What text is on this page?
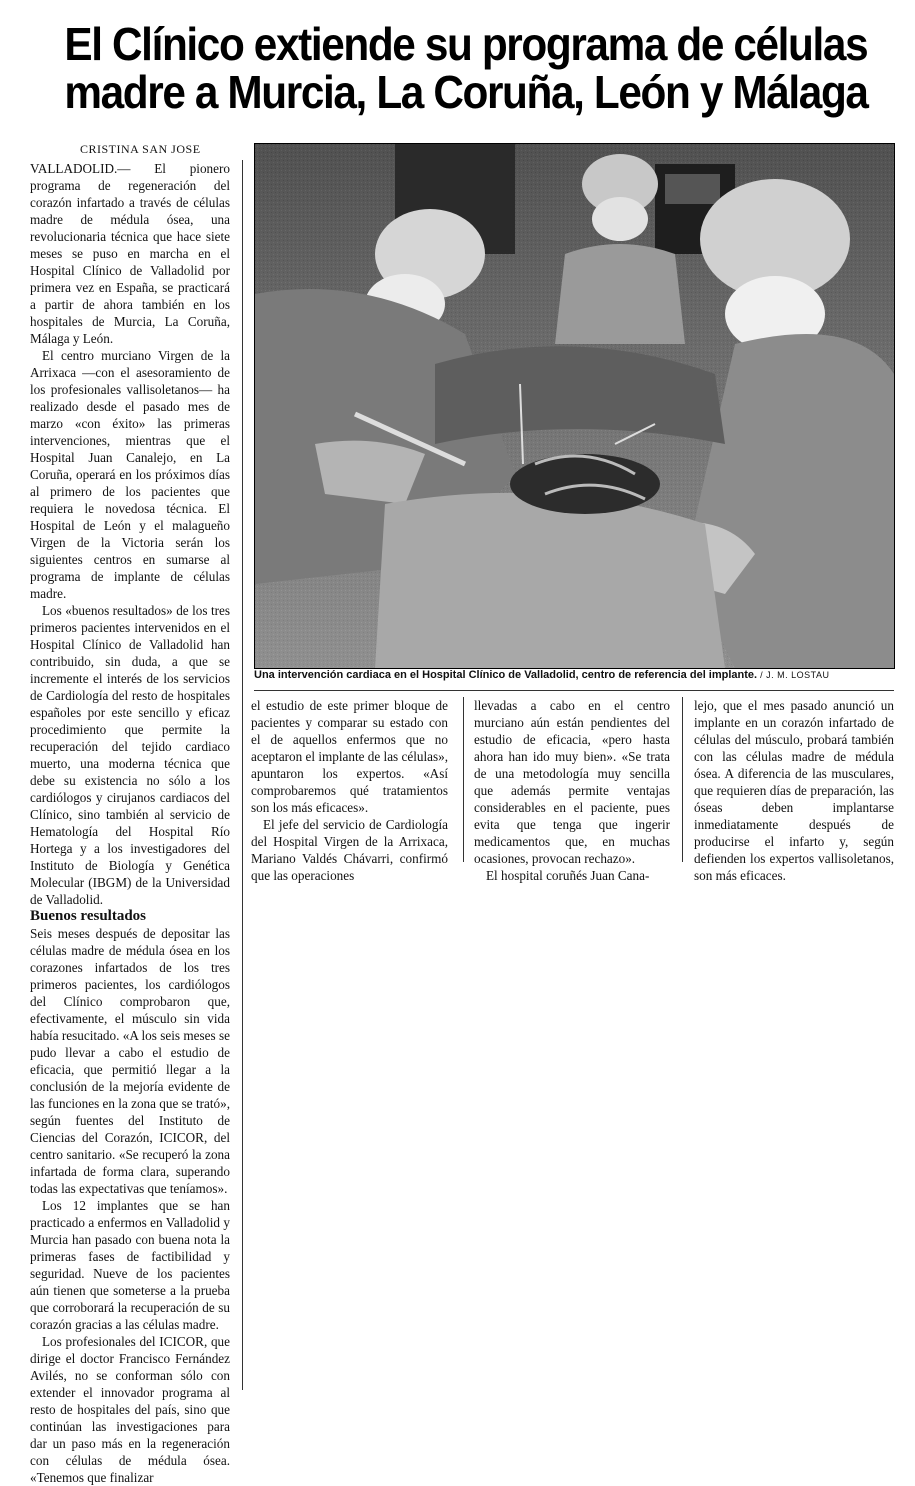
El Clínico extiende su programa de células
madre a Murcia, La Coruña, León y Málaga
CRISTINA SAN JOSE

VALLADOLID.— El pionero programa de regeneración del corazón infartado a través de células madre de médula ósea, una revolucionaria técnica que hace siete meses se puso en marcha en el Hospital Clínico de Valladolid por primera vez en España, se practicará a partir de ahora también en los hospitales de Murcia, La Coruña, Málaga y León.

El centro murciano Virgen de la Arrixaca —con el asesoramiento de los profesionales vallisoletanos— ha realizado desde el pasado mes de marzo «con éxito» las primeras intervenciones, mientras que el Hospital Juan Canalejo, en La Coruña, operará en los próximos días al primero de los pacientes que requiera le novedosa técnica. El Hospital de León y el malagueño Virgen de la Victoria serán los siguientes centros en sumarse al programa de implante de células madre.

Los «buenos resultados» de los tres primeros pacientes intervenidos en el Hospital Clínico de Valladolid han contribuido, sin duda, a que se incremente el interés de los servicios de Cardiología del resto de hospitales españoles por este sencillo y eficaz procedimiento que permite la recuperación del tejido cardiaco muerto, una moderna técnica que debe su existencia no sólo a los cardiólogos y cirujanos cardiacos del Clínico, sino también al servicio de Hematología del Hospital Río Hortega y a los investigadores del Instituto de Biología y Genética Molecular (IBGM) de la Universidad de Valladolid.

Buenos resultados

Seis meses después de depositar las células madre de médula ósea en los corazones infartados de los tres primeros pacientes, los cardiólogos del Clínico comprobaron que, efectivamente, el músculo sin vida había resucitado. «A los seis meses se pudo llevar a cabo el estudio de eficacia, que permitió llegar a la conclusión de la mejoría evidente de las funciones en la zona que se trató», según fuentes del Instituto de Ciencias del Corazón, ICICOR, del centro sanitario. «Se recuperó la zona infartada de forma clara, superando todas las expectativas que teníamos».

Los 12 implantes que se han practicado a enfermos en Valladolid y Murcia han pasado con buena nota la primeras fases de factibilidad y seguridad. Nueve de los pacientes aún tienen que someterse a la prueba que corroborará la recuperación de su corazón gracias a las células madre.

Los profesionales del ICICOR, que dirige el doctor Francisco Fernández Avilés, no se conforman sólo con extender el innovador programa al resto de hospitales del país, sino que continúan las investigaciones para dar un paso más en la regeneración con células de médula ósea. «Tenemos que finalizar

Una intervención cardiaca en el Hospital Clínico de Valladolid, centro de referencia del implante. / J. M. LOSTAU

el estudio de este primer bloque de pacientes y comparar su estado con el de aquellos enfermos que no aceptaron el implante de las células», apuntaron los expertos. «Así comprobaremos qué tratamientos son los más eficaces».

El jefe del servicio de Cardiología del Hospital Virgen de la Arrixaca, Mariano Valdés Chávarri, confirmó que las operaciones

llevadas a cabo en el centro murciano aún están pendientes del estudio de eficacia, «pero hasta ahora han ido muy bien». «Se trata de una metodología muy sencilla que además permite ventajas considerables en el paciente, pues evita que tenga que ingerir medicamentos que, en muchas ocasiones, provocan rechazo».

El hospital coruñés Juan Cana-

lejo, que el mes pasado anunció un implante en un corazón infartado de células del músculo, probará también con las células madre de médula ósea. A diferencia de las musculares, que requieren días de preparación, las óseas deben implantarse inmediatamente después de producirse el infarto y, según defienden los expertos vallisoletanos, son más eficaces.
